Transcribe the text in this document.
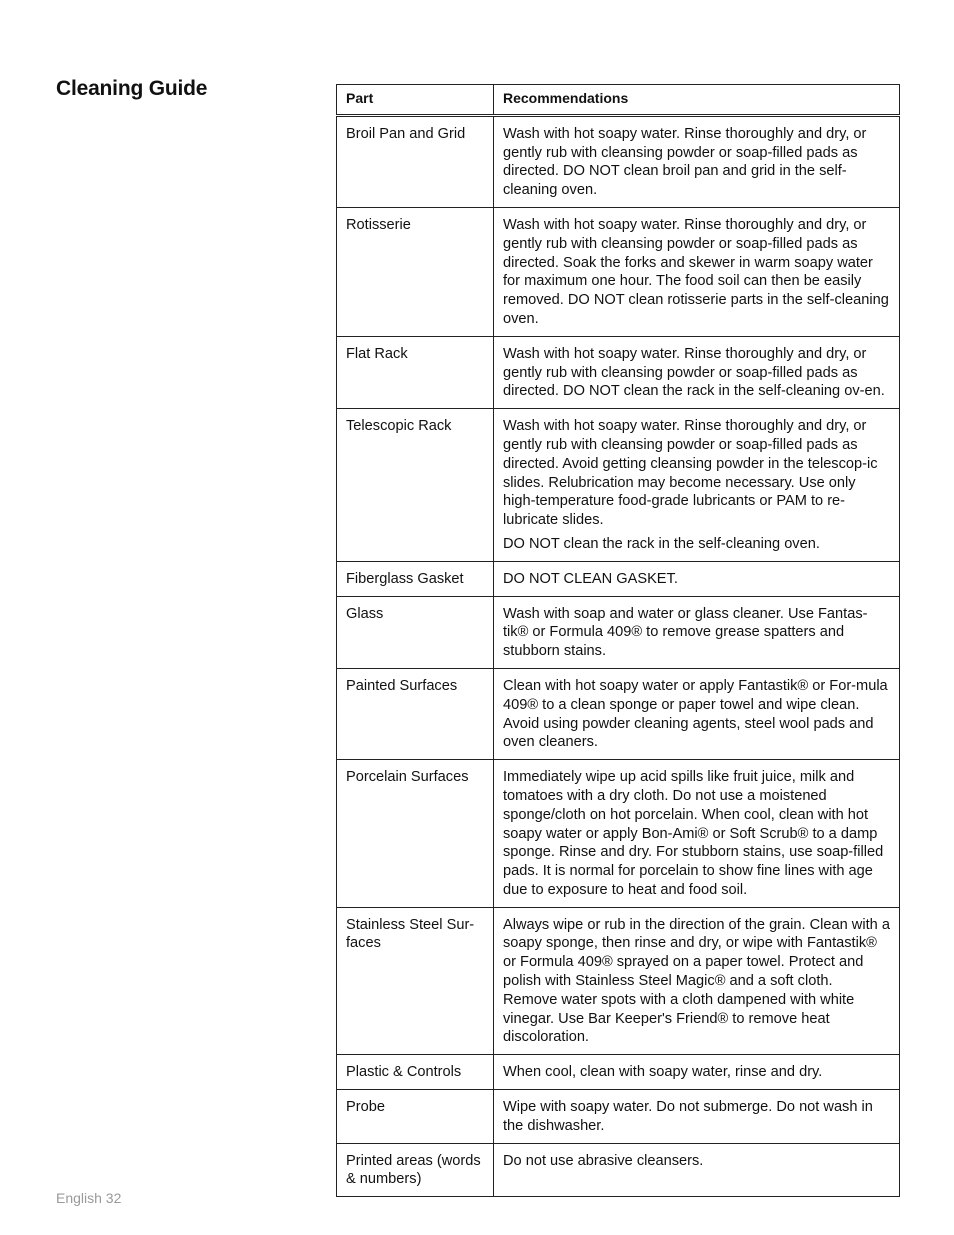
Cleaning Guide	Part	Recommendations
Broil Pan and Grid	Wash with hot soapy water. Rinse thoroughly and dry, or gently rub with cleansing powder or soap-filled pads as directed. DO NOT clean broil pan and grid in the self-cleaning oven.

Rotisserie	Wash with hot soapy water. Rinse thoroughly and dry, or gently rub with cleansing powder or soap-filled pads as directed. Soak the forks and skewer in warm soapy water for maximum one hour. The food soil can then be easily removed. DO NOT clean rotisserie parts in the self-cleaning oven.

Flat Rack	Wash with hot soapy water. Rinse thoroughly and dry, or gently rub with cleansing powder or soap-filled pads as directed. DO NOT clean the rack in the self-cleaning ov-en.

Telescopic Rack	Wash with hot soapy water. Rinse thoroughly and dry, or gently rub with cleansing powder or soap-filled pads as directed. Avoid getting cleansing powder in the telescop-ic slides. Relubrication may become necessary. Use only high-temperature food-grade lubricants or PAM to re-lubricate slides.

DO NOT clean the rack in the self-cleaning oven.

Fiberglass Gasket	DO NOT CLEAN GASKET.

Glass	Wash with soap and water or glass cleaner. Use Fantas-tik® or Formula 409® to remove grease spatters and stubborn stains.

Painted Surfaces	Clean with hot soapy water or apply Fantastik® or For-mula 409® to a clean sponge or paper towel and wipe clean. Avoid using powder cleaning agents, steel wool pads and oven cleaners.

Porcelain Surfaces	Immediately wipe up acid spills like fruit juice, milk and tomatoes with a dry cloth. Do not use a moistened sponge/cloth on hot porcelain. When cool, clean with hot soapy water or apply Bon-Ami® or Soft Scrub® to a damp sponge. Rinse and dry. For stubborn stains, use soap-filled pads. It is normal for porcelain to show fine lines with age due to exposure to heat and food soil.

Stainless Steel Sur-faces	Always wipe or rub in the direction of the grain. Clean with a soapy sponge, then rinse and dry, or wipe with Fantastik® or Formula 409® sprayed on a paper towel. Protect and polish with Stainless Steel Magic® and a soft cloth. Remove water spots with a cloth dampened with white vinegar. Use Bar Keeper's Friend® to remove heat discoloration.

Plastic & Controls	When cool, clean with soapy water, rinse and dry.

Probe	Wipe with soapy water. Do not submerge. Do not wash in the dishwasher.

Printed areas (words & numbers)	Do not use abrasive cleansers.

English 32
